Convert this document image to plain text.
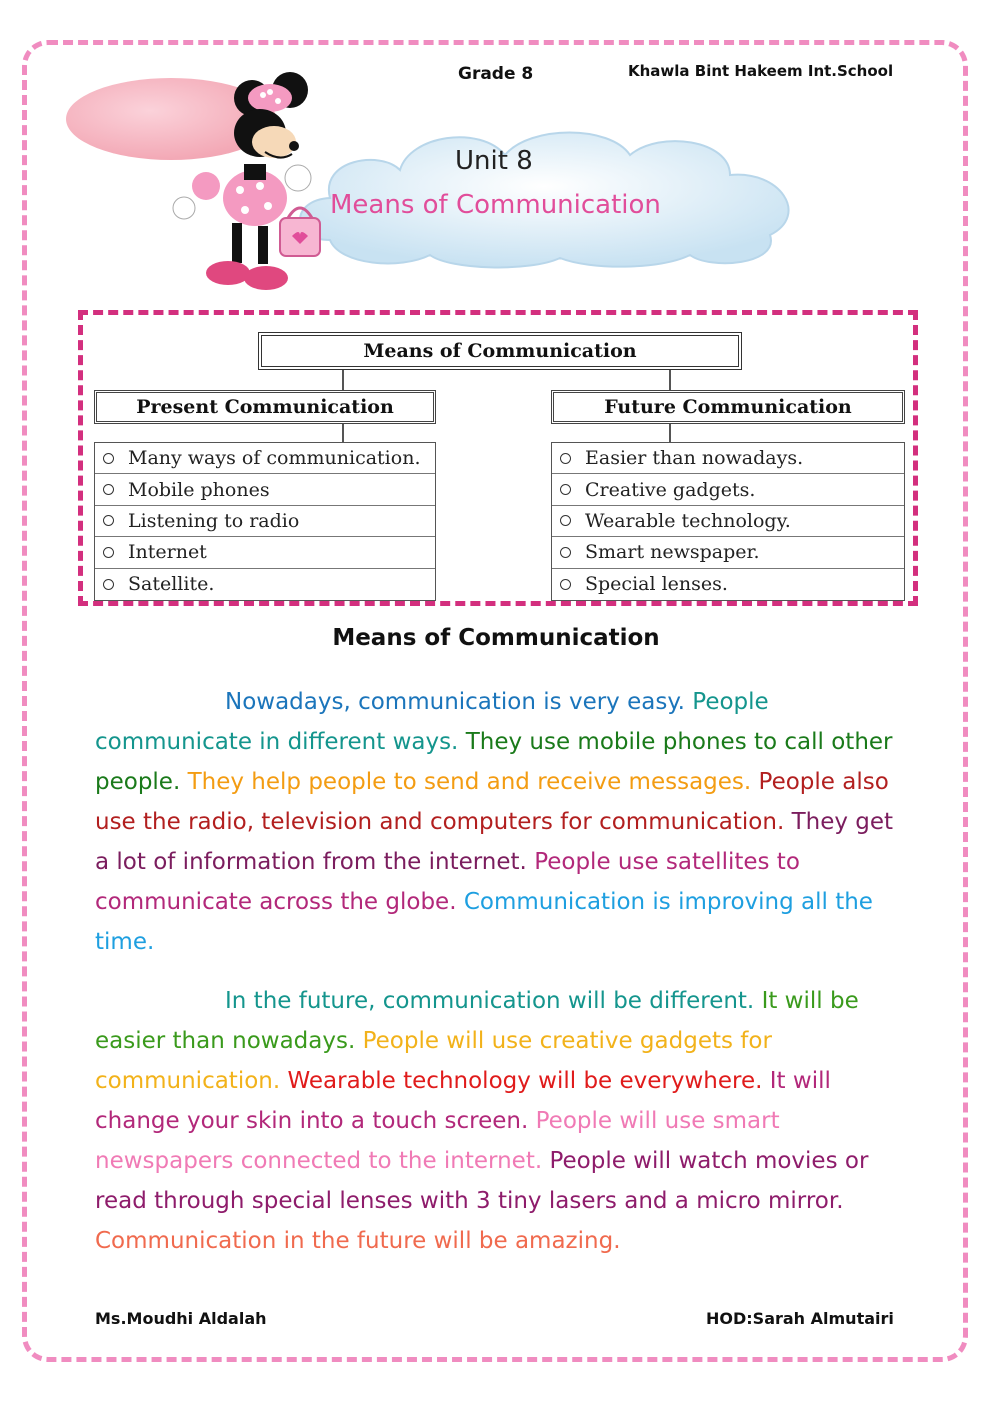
Grade 8	Khawla Bint Hakeem Int.School
Unit 8
Means of Communication
Means of Communication
Present Communication	Future Communication
Many ways of communication.
Mobile phones
Listening to radio
Internet
Satellite.
Easier than nowadays.
Creative gadgets.
Wearable technology.
Smart newspaper.
Special lenses.
Means of Communication
Nowadays, communication is very easy. People communicate in different ways. They use mobile phones to call other people. They help people to send and receive messages. People also use the radio, television and computers for communication. They get a lot of information from the internet. People use satellites to communicate across the globe. Communication is improving all the time.
In the future, communication will be different. It will be easier than nowadays. People will use creative gadgets for communication. Wearable technology will be everywhere. It will change your skin into a touch screen. People will use smart newspapers connected to the internet. People will watch movies or read through special lenses with 3 tiny lasers and a micro mirror. Communication in the future will be amazing.
Ms.Moudhi Aldalah	HOD:Sarah Almutairi
